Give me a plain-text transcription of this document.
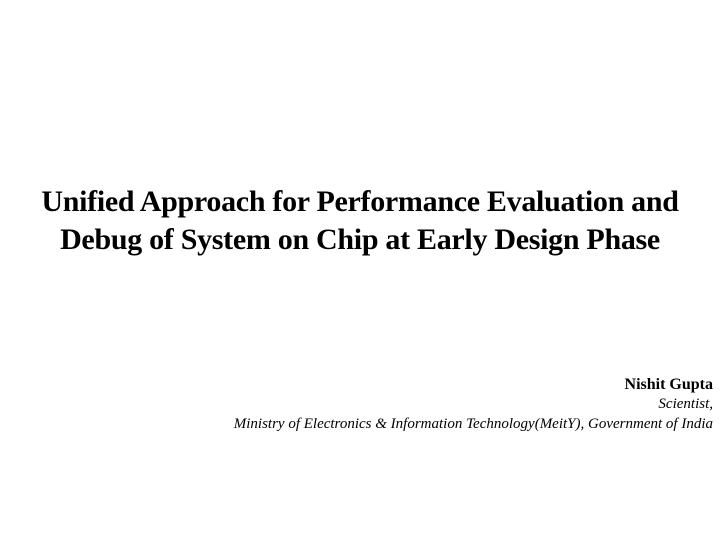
Unified Approach for Performance Evaluation and
Debug of System on Chip at Early Design Phase
Nishit Gupta
Scientist,
Ministry of Electronics & Information Technology(MeitY), Government of India
